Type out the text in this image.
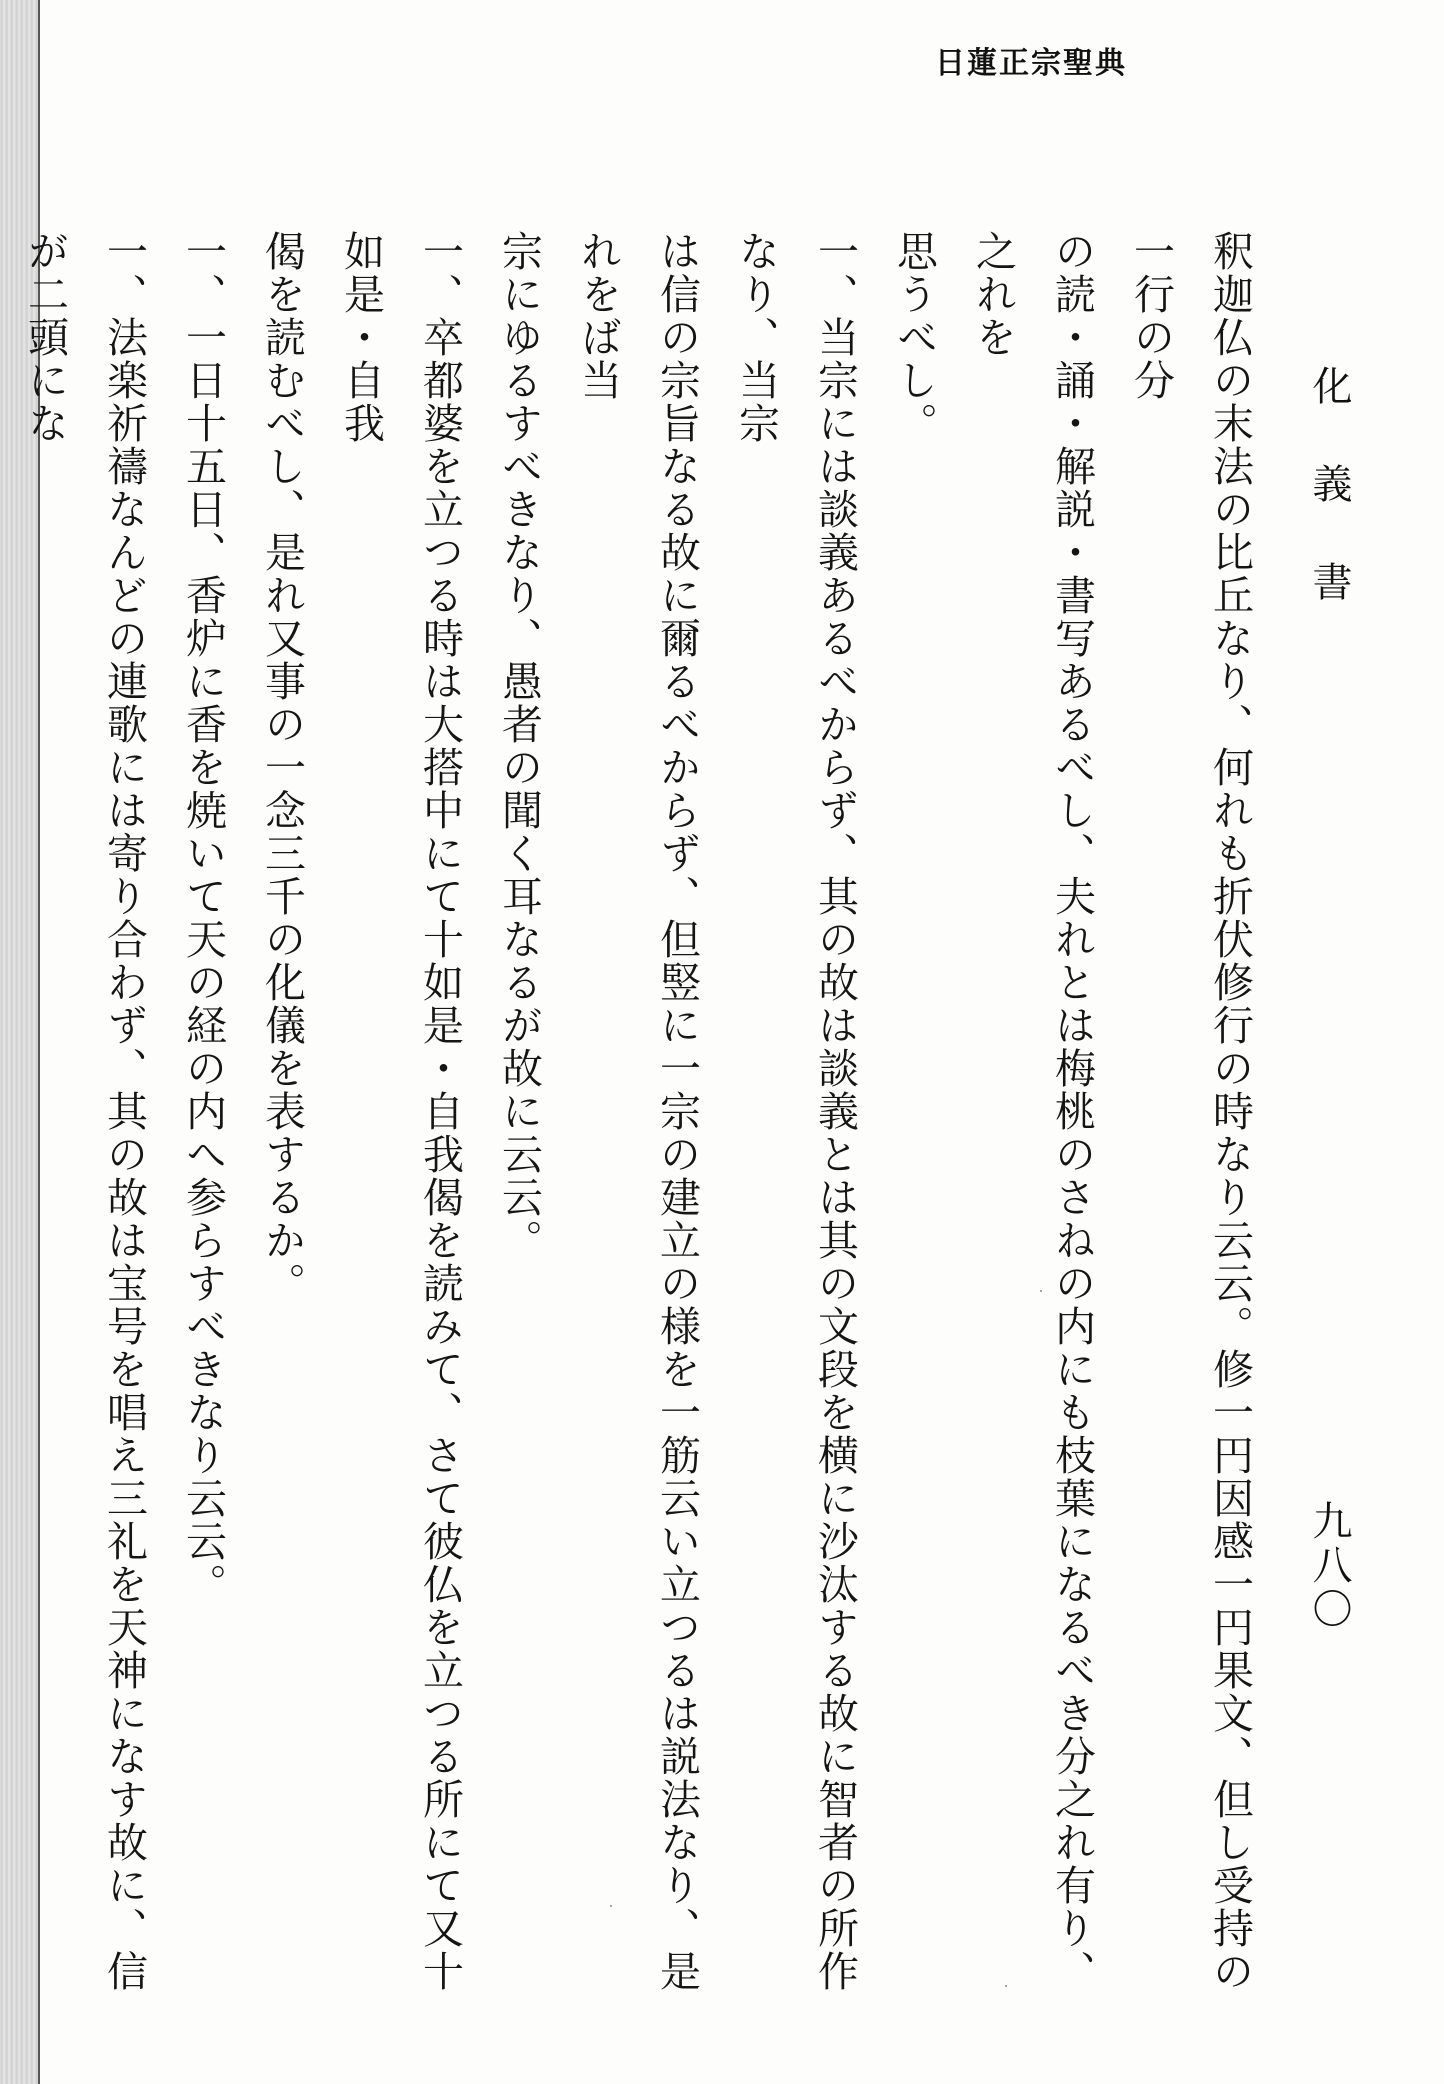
日蓮正宗聖典
化義書
九八〇
釈迦仏の末法の比丘なり、何れも折伏修行の時なり云云。修一円因感一円果文、但し受持の一行の分
の読・誦・解説・書写あるべし、夫れとは梅桃のさねの内にも枝葉になるべき分之れ有り、之れを
思うべし。
一、当宗には談義あるべからず、其の故は談義とは其の文段を横に沙汰する故に智者の所作なり、当宗
は信の宗旨なる故に爾るべからず、但竪に一宗の建立の様を一筋云い立つるは説法なり、是れをば当
宗にゆるすべきなり、愚者の聞く耳なるが故に云云。
一、卒都婆を立つる時は大搭中にて十如是・自我偈を読みて、さて彼仏を立つる所にて又十如是・自我
偈を読むべし、是れ又事の一念三千の化儀を表するか。
一、一日十五日、香炉に香を焼いて天の経の内へ参らすべきなり云云。
一、法楽祈禱なんどの連歌には寄り合わず、其の故は宝号を唱え三礼を天神になす故に、信が二頭にな
